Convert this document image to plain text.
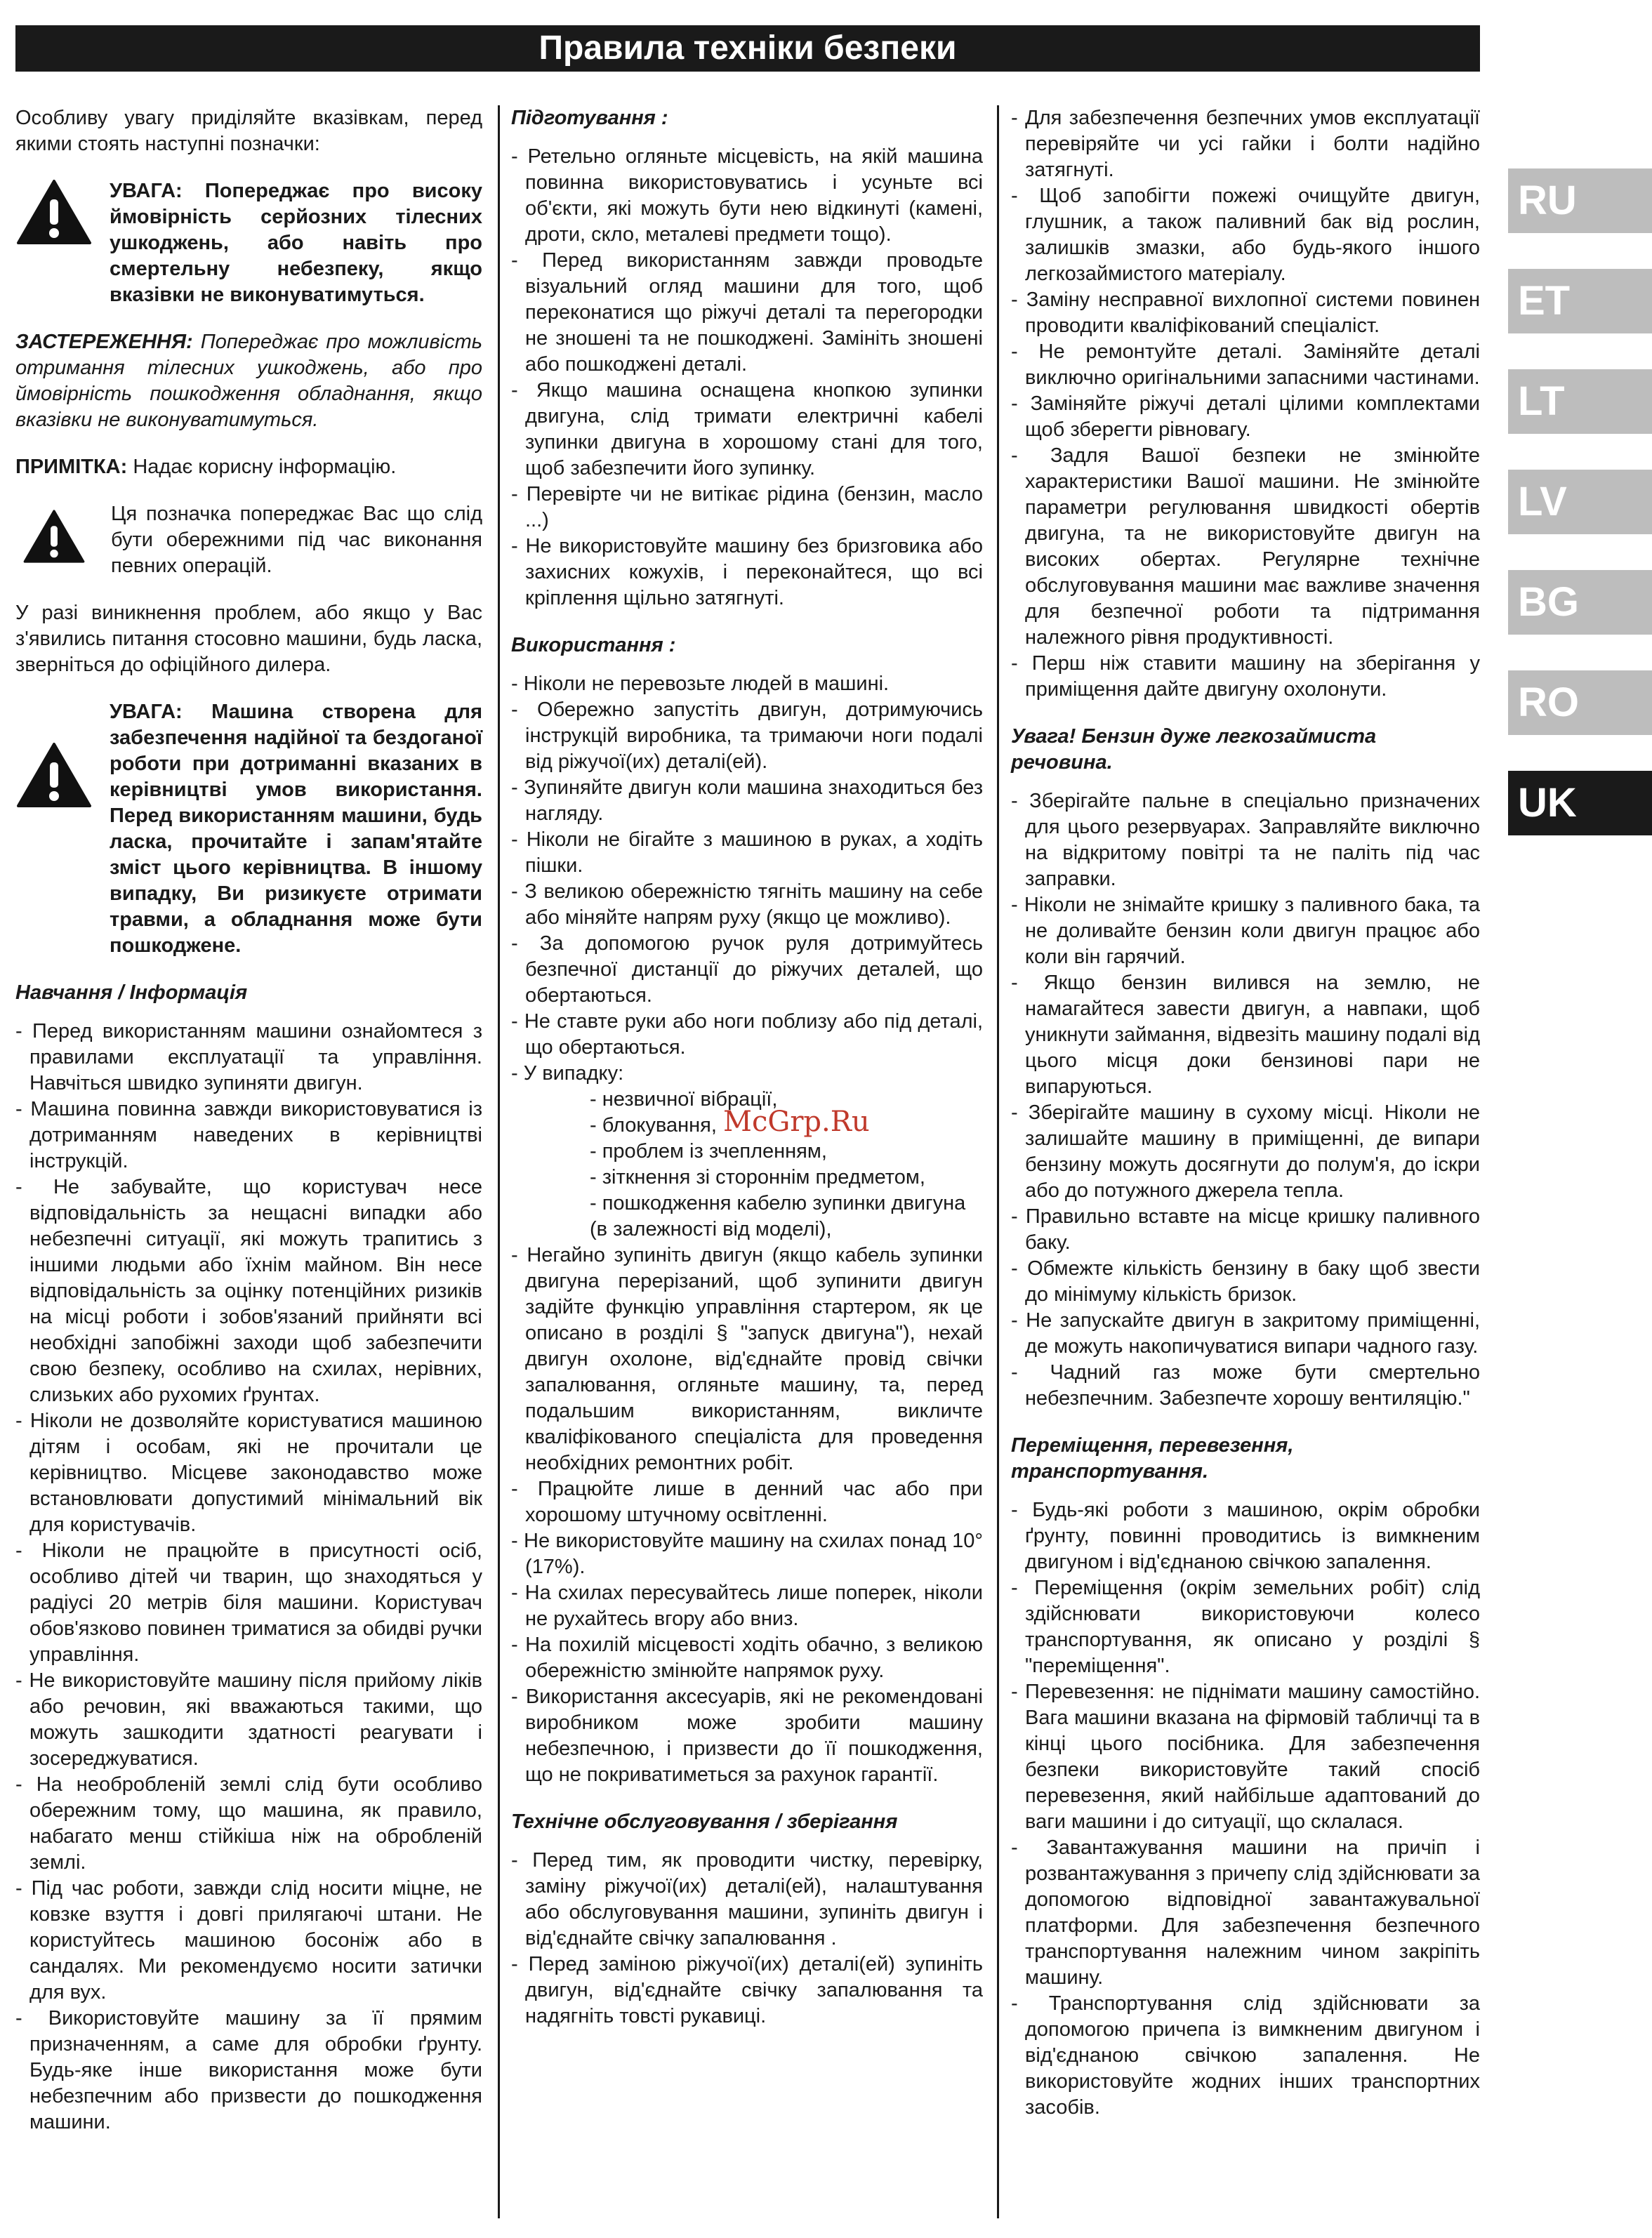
Правила техніки безпеки

Особливу увагу приділяйте вказівкам, перед якими стоять наступні позначки:

УВАГА: Попереджає про високу ймовірність серйозних тілесних ушкоджень, або навіть про смертельну небезпеку, якщо вказівки не виконуватимуться.

ЗАСТЕРЕЖЕННЯ: Попереджає про можливість отримання тілесних ушкоджень, або про ймовірність пошкодження обладнання, якщо вказівки не виконуватимуться.

ПРИМІТКА: Надає корисну інформацію.

Ця позначка попереджає Вас що слід бути обережними під час виконання певних операцій.

У разі виникнення проблем, або якщо у Вас з'явились питання стосовно машини, будь ласка, зверніться до офіційного дилера.

УВАГА: Машина створена для забезпечення надійної та бездоганої роботи при дотриманні вказаних в керівництві умов використання. Перед використанням машини, будь ласка, прочитайте і запам'ятайте зміст цього керівництва. В іншому випадку, Ви ризикуєте отримати травми, а обладнання може бути пошкоджене.

Навчання / Інформація

- Перед використанням машини ознайомтеся з правилами експлуатації та управління. Навчіться швидко зупиняти двигун.

- Машина повинна завжди використовуватися із дотриманням наведених в керівництві інструкцій.

- Не забувайте, що користувач несе відповідальність за нещасні випадки або небезпечні ситуації, які можуть трапитись з іншими людьми або їхнім майном. Він несе відповідальність за оцінку потенційних ризиків на місці роботи і зобов'язаний прийняти всі необхідні запобіжні заходи щоб забезпечити свою безпеку, особливо на схилах, нерівних, слизьких або рухомих ґрунтах.

- Ніколи не дозволяйте користуватися машиною дітям і особам, які не прочитали це керівництво. Місцеве законодавство може встановлювати допустимий мінімальний вік для користувачів.

- Ніколи не працюйте в присутності осіб, особливо дітей чи тварин, що знаходяться у радіусі 20 метрів біля машини. Користувач обов'язково повинен триматися за обидві ручки управління.

- Не використовуйте машину після прийому ліків або речовин, які вважаються такими, що можуть зашкодити здатності реагувати і зосереджуватися.

- На необробленій землі слід бути особливо обережним тому, що машина, як правило, набагато менш стійкіша ніж на обробленій землі.

- Під час роботи, завжди слід носити міцне, не ковзке взуття і довгі прилягаючі штани. Не користуйтесь машиною босоніж або в сандалях. Ми рекомендуємо носити затички для вух.

- Використовуйте машину за її прямим призначенням, а саме для обробки ґрунту. Будь-яке інше використання може бути небезпечним або призвести до пошкодження машини.

Підготування :

- Ретельно огляньте місцевість, на якій машина повинна використовуватись і усуньте всі об'єкти, які можуть бути нею відкинуті (камені, дроти, скло, металеві предмети тощо).

- Перед використанням завжди проводьте візуальний огляд машини для того, щоб переконатися що ріжучі деталі та перегородки не зношені та не пошкоджені. Замініть зношені або пошкоджені деталі.

- Якщо машина оснащена кнопкою зупинки двигуна, слід тримати електричні кабелі зупинки двигуна в хорошому стані для того, щоб забезпечити його зупинку.

- Перевірте чи не витікає рідина (бензин, масло ...)

- Не використовуйте машину без бризговика або захисних кожухів, і переконайтеся, що всі кріплення щільно затягнуті.

Використання :

- Ніколи не перевозьте людей в машині.

- Обережно запустіть двигун, дотримуючись інструкцій виробника, та тримаючи ноги подалі від ріжучої(их) деталі(ей).

- Зупиняйте двигун коли машина знаходиться без нагляду.

- Ніколи не бігайте з машиною в руках, а ходіть пішки.

- З великою обережністю тягніть машину на себе або міняйте напрям руху (якщо це можливо).

- За допомогою ручок руля дотримуйтесь безпечної дистанції до ріжучих деталей, що обертаються.

- Не ставте руки або ноги поблизу або під деталі, що обертаються.

- У випадку:

- незвичної вібрації,

- блокування,

- проблем із зчепленням,

- зіткнення зі стороннім предметом,

- пошкодження кабелю зупинки двигуна (в залежності від моделі),

- Негайно зупиніть двигун (якщо кабель зупинки двигуна перерізаний, щоб зупинити двигун задійте функцію управління стартером, як це описано в розділі § "запуск двигуна"), нехай двигун охолоне, від'єднайте провід свічки запалювання, огляньте машину, та, перед подальшим використанням, викличте кваліфікованого спеціаліста для проведення необхідних ремонтних робіт.

- Працюйте лише в денний час або при хорошому штучному освітленні.

- Не використовуйте машину на схилах понад 10° (17%).

- На схилах пересувайтесь лише поперек, ніколи не рухайтесь вгору або вниз.

- На похилій місцевості ходіть обачно, з великою обережністю змінюйте напрямок руху.

- Використання аксесуарів, які не рекомендовані виробником може зробити машину небезпечною, і призвести до її пошкодження, що не покриватиметься за рахунок гарантії.

Технічне обслуговування / зберігання

- Перед тим, як проводити чистку, перевірку, заміну ріжучої(их) деталі(ей), налаштування або обслуговування машини, зупиніть двигун і від'єднайте свічку запалювання .

- Перед заміною ріжучої(их) деталі(ей) зупиніть двигун, від'єднайте свічку запалювання та надягніть товсті рукавиці.

- Для забезпечення безпечних умов експлуатації перевіряйте чи усі гайки і болти надійно затягнуті.

- Щоб запобігти пожежі очищуйте двигун, глушник, а також паливний бак від рослин, залишків змазки, або будь-якого іншого легкозаймистого матеріалу.

- Заміну несправної вихлопної системи повинен проводити кваліфікований спеціаліст.

- Не ремонтуйте деталі. Заміняйте деталі виключно оригінальними запасними частинами.

- Заміняйте ріжучі деталі цілими комплектами щоб зберегти рівновагу.

- Задля Вашої безпеки не змінюйте характеристики Вашої машини. Не змінюйте параметри регулювання швидкості обертів двигуна, та не використовуйте двигун на високих обертах. Регулярне технічне обслуговування машини має важливе значення для безпечної роботи та підтримання належного рівня продуктивності.

- Перш ніж ставити машину на зберігання у приміщення дайте двигуну охолонути.

Увага! Бензин дуже легкозаймиста речовина.

- Зберігайте пальне в спеціально призначених для цього резервуарах. Заправляйте виключно на відкритому повітрі та не паліть під час заправки.

- Ніколи не знімайте кришку з паливного бака, та не доливайте бензин коли двигун працює або коли він гарячий.

- Якщо бензин вилився на землю, не намагайтеся завести двигун, а навпаки, щоб уникнути займання, відвезіть машину подалі від цього місця доки бензинові пари не випаруються.

- Зберігайте машину в сухому місці. Ніколи не залишайте машину в приміщенні, де випари бензину можуть досягнути до полум'я, до іскри або до потужного джерела тепла.

- Правильно вставте на місце кришку паливного баку.

- Обмежте кількість бензину в баку щоб звести до мінімуму кількість бризок.

- Не запускайте двигун в закритому приміщенні, де можуть накопичуватися випари чадного газу.

- Чадний газ може бути смертельно небезпечним. Забезпечте хорошу вентиляцію."

Переміщення, перевезення, транспортування.

- Будь-які роботи з машиною, окрім обробки ґрунту, повинні проводитись із вимкненим двигуном і від'єднаною свічкою запалення.

- Переміщення (окрім земельних робіт) слід здійснювати використовуючи колесо транспортування, як описано у розділі § "переміщення".

- Перевезення: не піднімати машину самостійно. Вага машини вказана на фірмовій табличці та в кінці цього посібника. Для забезпечення безпеки використовуйте такий спосіб перевезення, який найбільше адаптований до ваги машини і до ситуації, що склалася.

- Завантажування машини на причіп і розвантажування з причепу слід здійснювати за допомогою відповідної завантажувальної платформи. Для забезпечення безпечного транспортування належним чином закріпіть машину.

- Транспортування слід здійснювати за допомогою причепа із вимкненим двигуном і від'єднаною свічкою запалення. Не використовуйте жодних інших транспортних засобів.

RU
ET
LT
LV
BG
RO
UK
McGrp.Ru
